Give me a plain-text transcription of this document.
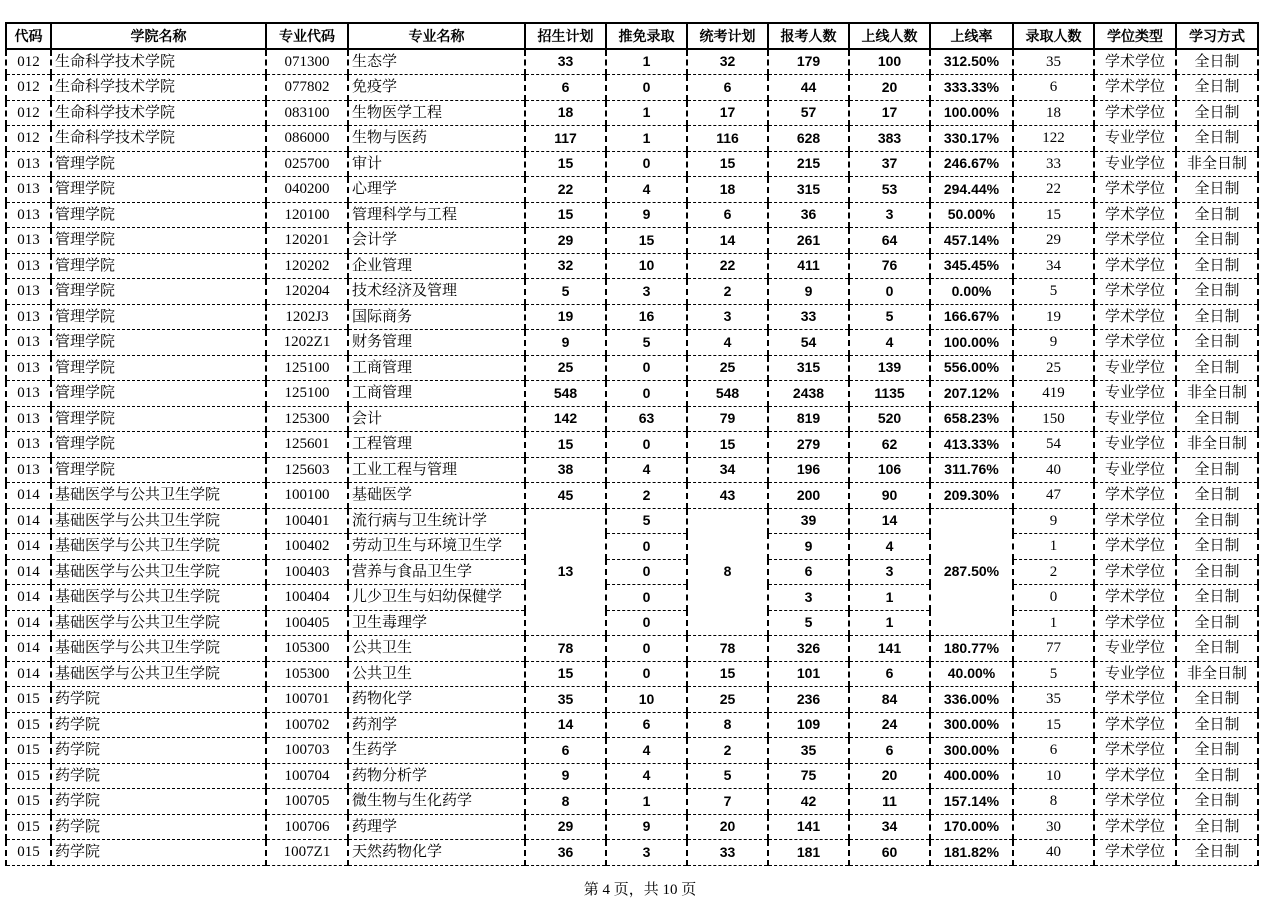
代码	学院名称	专业代码	专业名称	招生计划	推免录取	统考计划	报考人数	上线人数	上线率	录取人数	学位类型	学习方式
012	生命科学技术学院	071300	生态学	33	1	32	179	100	312.50%	35	学术学位	全日制
012	生命科学技术学院	077802	免疫学	6	0	6	44	20	333.33%	6	学术学位	全日制
012	生命科学技术学院	083100	生物医学工程	18	1	17	57	17	100.00%	18	学术学位	全日制
012	生命科学技术学院	086000	生物与医药	117	1	116	628	383	330.17%	122	专业学位	全日制
013	管理学院	025700	审计	15	0	15	215	37	246.67%	33	专业学位	非全日制
013	管理学院	040200	心理学	22	4	18	315	53	294.44%	22	学术学位	全日制
013	管理学院	120100	管理科学与工程	15	9	6	36	3	50.00%	15	学术学位	全日制
013	管理学院	120201	会计学	29	15	14	261	64	457.14%	29	学术学位	全日制
013	管理学院	120202	企业管理	32	10	22	411	76	345.45%	34	学术学位	全日制
013	管理学院	120204	技术经济及管理	5	3	2	9	0	0.00%	5	学术学位	全日制
013	管理学院	1202J3	国际商务	19	16	3	33	5	166.67%	19	学术学位	全日制
013	管理学院	1202Z1	财务管理	9	5	4	54	4	100.00%	9	学术学位	全日制
013	管理学院	125100	工商管理	25	0	25	315	139	556.00%	25	专业学位	全日制
013	管理学院	125100	工商管理	548	0	548	2438	1135	207.12%	419	专业学位	非全日制
013	管理学院	125300	会计	142	63	79	819	520	658.23%	150	专业学位	全日制
013	管理学院	125601	工程管理	15	0	15	279	62	413.33%	54	专业学位	非全日制
013	管理学院	125603	工业工程与管理	38	4	34	196	106	311.76%	40	专业学位	全日制
014	基础医学与公共卫生学院	100100	基础医学	45	2	43	200	90	209.30%	47	学术学位	全日制
014	基础医学与公共卫生学院	100401	流行病与卫生统计学	13	5	8	39	14	287.50%	9	学术学位	全日制
014	基础医学与公共卫生学院	100402	劳动卫生与环境卫生学		0		9	4		1	学术学位	全日制
014	基础医学与公共卫生学院	100403	营养与食品卫生学		0		6	3		2	学术学位	全日制
014	基础医学与公共卫生学院	100404	儿少卫生与妇幼保健学		0		3	1		0	学术学位	全日制
014	基础医学与公共卫生学院	100405	卫生毒理学		0		5	1		1	学术学位	全日制
014	基础医学与公共卫生学院	105300	公共卫生	78	0	78	326	141	180.77%	77	专业学位	全日制
014	基础医学与公共卫生学院	105300	公共卫生	15	0	15	101	6	40.00%	5	专业学位	非全日制
015	药学院	100701	药物化学	35	10	25	236	84	336.00%	35	学术学位	全日制
015	药学院	100702	药剂学	14	6	8	109	24	300.00%	15	学术学位	全日制
015	药学院	100703	生药学	6	4	2	35	6	300.00%	6	学术学位	全日制
015	药学院	100704	药物分析学	9	4	5	75	20	400.00%	10	学术学位	全日制
015	药学院	100705	微生物与生化药学	8	1	7	42	11	157.14%	8	学术学位	全日制
015	药学院	100706	药理学	29	9	20	141	34	170.00%	30	学术学位	全日制
015	药学院	1007Z1	天然药物化学	36	3	33	181	60	181.82%	40	学术学位	全日制
第 4 页，共 10 页
